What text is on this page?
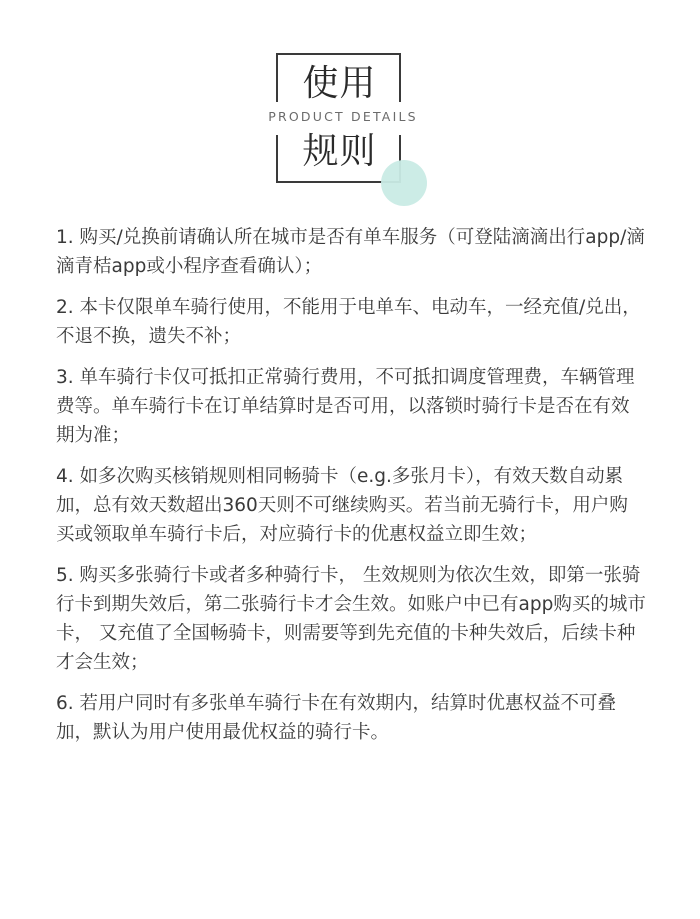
使用
PRODUCT DETAILS
规则
1. 购买/兑换前请确认所在城市是否有单车服务（可登陆滴滴出行app/滴滴青桔app或小程序查看确认）；
2. 本卡仅限单车骑行使用，不能用于电单车、电动车，一经充值/兑出，不退不换，遗失不补；
3. 单车骑行卡仅可抵扣正常骑行费用，不可抵扣调度管理费，车辆管理费等。单车骑行卡在订单结算时是否可用，以落锁时骑行卡是否在有效期为准；
4. 如多次购买核销规则相同畅骑卡（e.g.多张月卡），有效天数自动累加，总有效天数超出360天则不可继续购买。若当前无骑行卡，用户购买或领取单车骑行卡后，对应骑行卡的优惠权益立即生效；
5. 购买多张骑行卡或者多种骑行卡， 生效规则为依次生效，即第一张骑行卡到期失效后，第二张骑行卡才会生效。如账户中已有app购买的城市卡， 又充值了全国畅骑卡，则需要等到先充值的卡种失效后，后续卡种才会生效；
6. 若用户同时有多张单车骑行卡在有效期内，结算时优惠权益不可叠加，默认为用户使用最优权益的骑行卡。
